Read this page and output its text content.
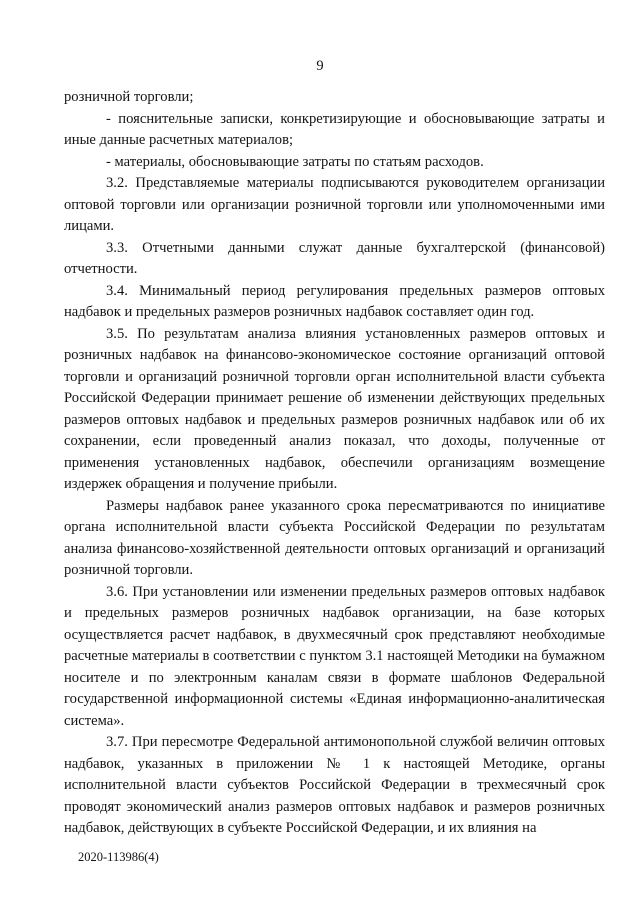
9

розничной торговли;

- пояснительные записки, конкретизирующие и обосновывающие затраты и иные данные расчетных материалов;

- материалы, обосновывающие затраты по статьям расходов.

3.2. Представляемые материалы подписываются руководителем организации оптовой торговли или организации розничной торговли или уполномоченными ими лицами.

3.3. Отчетными данными служат данные бухгалтерской (финансовой) отчетности.

3.4. Минимальный период регулирования предельных размеров оптовых надбавок и предельных размеров розничных надбавок составляет один год.

3.5. По результатам анализа влияния установленных размеров оптовых и розничных надбавок на финансово-экономическое состояние организаций оптовой торговли и организаций розничной торговли орган исполнительной власти субъекта Российской Федерации принимает решение об изменении действующих предельных размеров оптовых надбавок и предельных размеров розничных надбавок или об их сохранении, если проведенный анализ показал, что доходы, полученные от применения установленных надбавок, обеспечили организациям возмещение издержек обращения и получение прибыли.

Размеры надбавок ранее указанного срока пересматриваются по инициативе органа исполнительной власти субъекта Российской Федерации по результатам анализа финансово-хозяйственной деятельности оптовых организаций и организаций розничной торговли.

3.6. При установлении или изменении предельных размеров оптовых надбавок и предельных размеров розничных надбавок организации, на базе которых осуществляется расчет надбавок, в двухмесячный срок представляют необходимые расчетные материалы в соответствии с пунктом 3.1 настоящей Методики на бумажном носителе и по электронным каналам связи в формате шаблонов Федеральной государственной информационной системы «Единая информационно-аналитическая система».

3.7. При пересмотре Федеральной антимонопольной службой величин оптовых надбавок, указанных в приложении № 1 к настоящей Методике, органы исполнительной власти субъектов Российской Федерации в трехмесячный срок проводят экономический анализ размеров оптовых надбавок и размеров розничных надбавок, действующих в субъекте Российской Федерации, и их влияния на

2020-113986(4)
